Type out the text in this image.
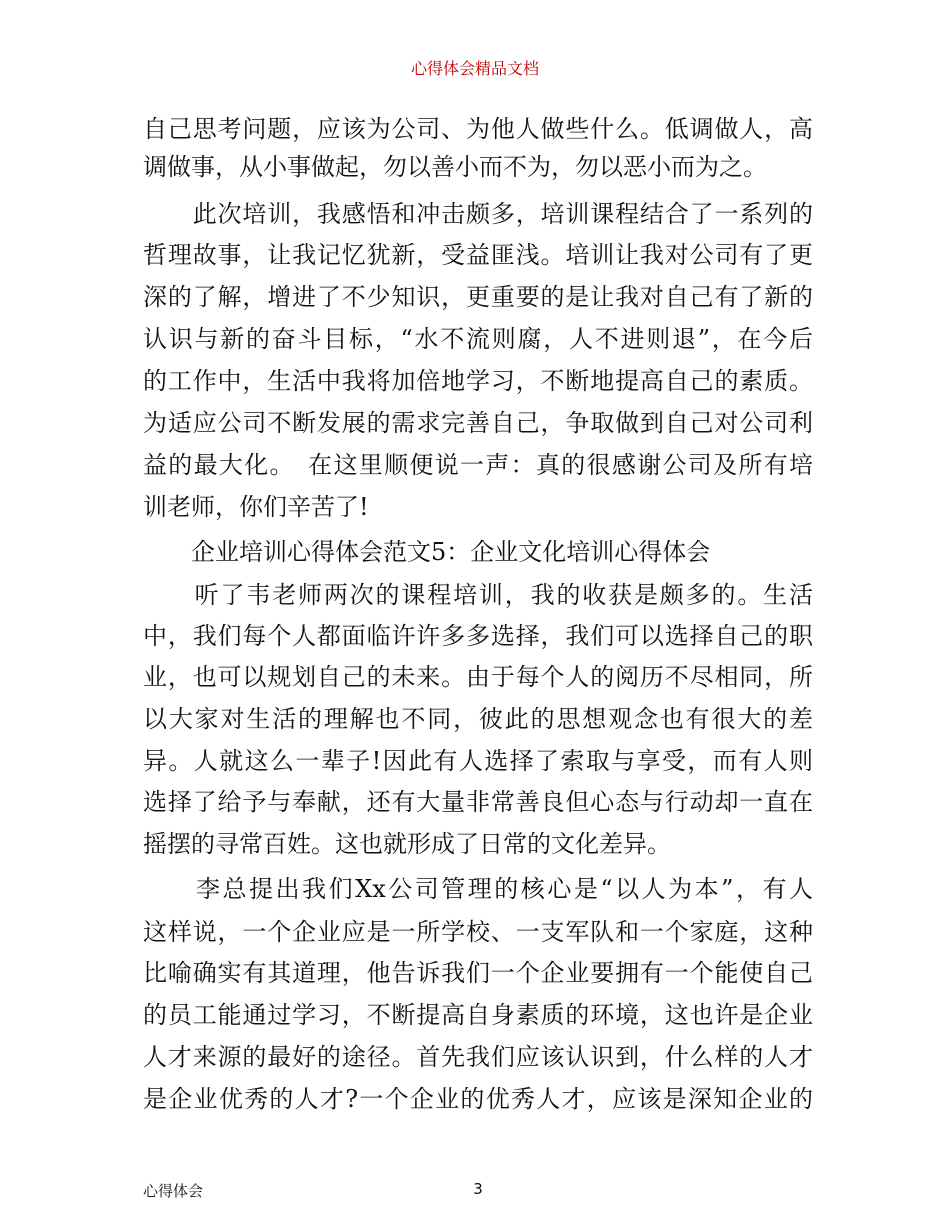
心得体会精品文档
自己思考问题，应该为公司、为他人做些什么。低调做人，高
调做事，从小事做起，勿以善小而不为，勿以恶小而为之。
　　此次培训，我感悟和冲击颇多，培训课程结合了一系列的
哲理故事，让我记忆犹新，受益匪浅。培训让我对公司有了更
深的了解，增进了不少知识，更重要的是让我对自己有了新的
认识与新的奋斗目标，“水不流则腐，人不进则退”，在今后
的工作中，生活中我将加倍地学习，不断地提高自己的素质。
为适应公司不断发展的需求完善自己，争取做到自己对公司利
益的最大化。　在这里顺便说一声：真的很感谢公司及所有培
训老师，你们辛苦了!
　　企业培训心得体会范文5：企业文化培训心得体会
　　听了韦老师两次的课程培训，我的收获是颇多的。生活
中，我们每个人都面临许许多多选择，我们可以选择自己的职
业，也可以规划自己的未来。由于每个人的阅历不尽相同，所
以大家对生活的理解也不同，彼此的思想观念也有很大的差
异。人就这么一辈子!因此有人选择了索取与享受，而有人则
选择了给予与奉献，还有大量非常善良但心态与行动却一直在
摇摆的寻常百姓。这也就形成了日常的文化差异。
　　李总提出我们Xx公司管理的核心是“以人为本”，有人
这样说，一个企业应是一所学校、一支军队和一个家庭，这种
比喻确实有其道理，他告诉我们一个企业要拥有一个能使自己
的员工能通过学习，不断提高自身素质的环境，这也许是企业
人才来源的最好的途径。首先我们应该认识到，什么样的人才
是企业优秀的人才?一个企业的优秀人才，应该是深知企业的
心得体会	3
